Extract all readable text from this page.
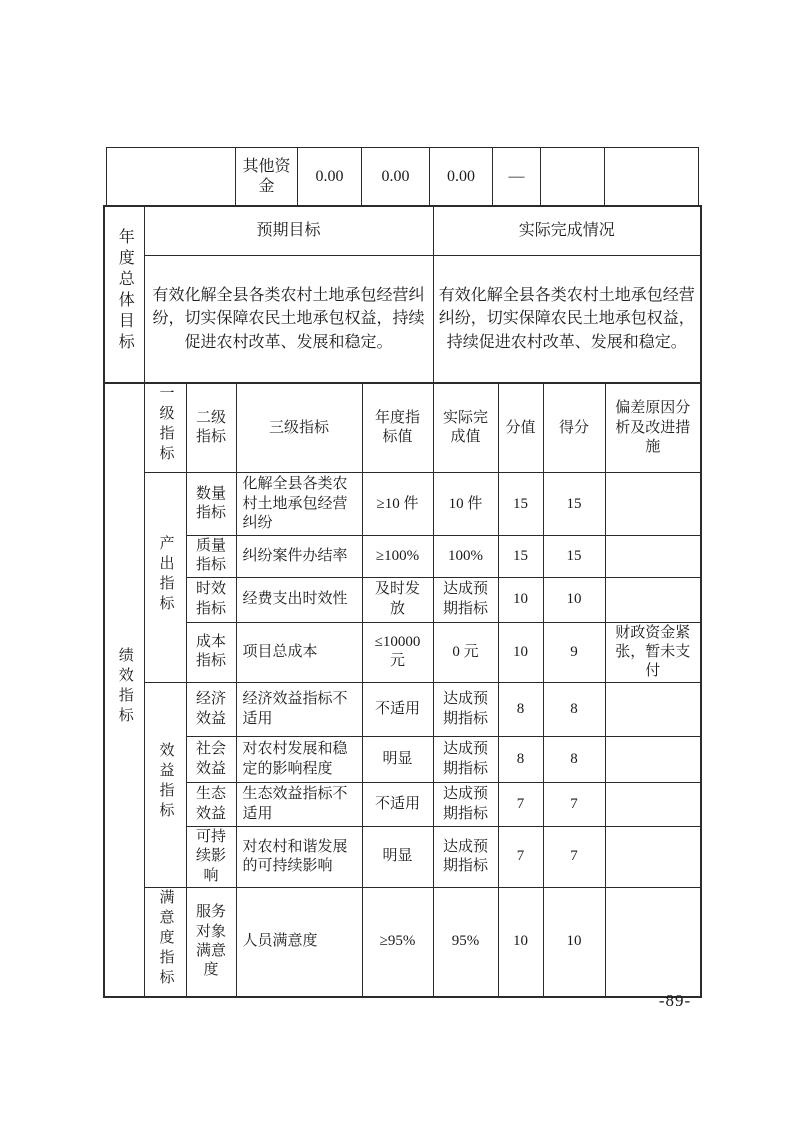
	其他资金	0.00	0.00	0.00	—		
年度总体目标	预期目标	实际完成情况
	有效化解全县各类农村土地承包经营纠纷，切实保障农民土地承包权益，持续促进农村改革、发展和稳定。	有效化解全县各类农村土地承包经营纠纷，切实保障农民土地承包权益，持续促进农村改革、发展和稳定。
绩效指标	一级指标	二级指标	三级指标	年度指标值	实际完成值	分值	得分	偏差原因分析及改进措施
	产出指标	数量指标	化解全县各类农村土地承包经营纠纷	≥10 件	10 件	15	15	
		质量指标	纠纷案件办结率	≥100%	100%	15	15	
		时效指标	经费支出时效性	及时发放	达成预期指标	10	10	
		成本指标	项目总成本	≤10000元	0 元	10	9	财政资金紧张，暂未支付
	效益指标	经济效益	经济效益指标不适用	不适用	达成预期指标	8	8	
		社会效益	对农村发展和稳定的影响程度	明显	达成预期指标	8	8	
		生态效益	生态效益指标不适用	不适用	达成预期指标	7	7	
		可持续影响	对农村和谐发展的可持续影响	明显	达成预期指标	7	7	
	满意度指标	服务对象满意度	人员满意度	≥95%	95%	10	10	
-89-
